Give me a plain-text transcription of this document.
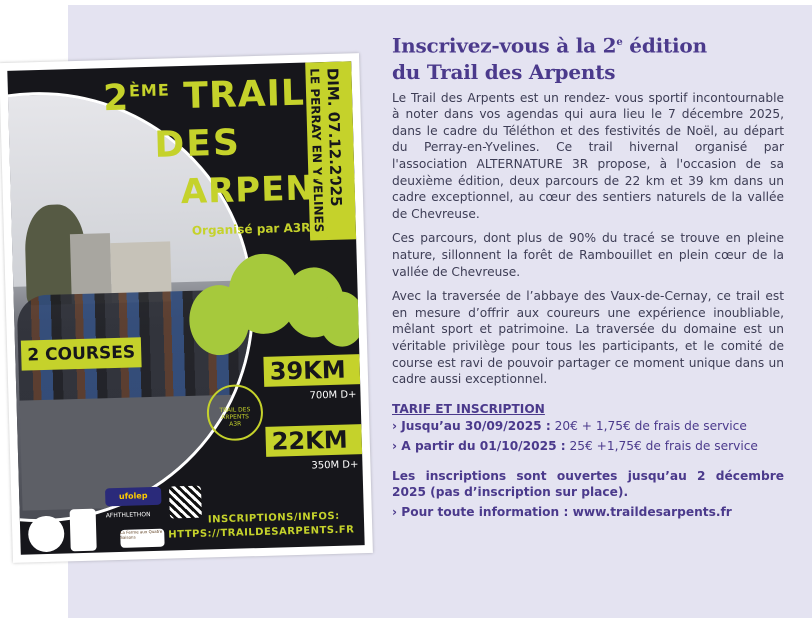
DIM. 07.12.2025
LE PERRAY EN YVELINES
2ÈME TRAIL
DES
ARPENTS
Organisé par A3R
TRAIL DES ARPENTS
A3R
2 COURSES
39KM
700M D+
22KM
350M D+
ufolep
AFHTHLETHON
La Ferme aux Quatre Saisons
INSCRIPTIONS/INFOS:
HTTPS://TRAILDESARPENTS.FR
Inscrivez-vous à la 2e édition
du Trail des Arpents

Le Trail des Arpents est un rendez- vous sportif incontournable à noter dans vos agendas qui aura lieu le 7 décembre 2025, dans le cadre du Téléthon et des festivités de Noël, au départ du Perray-en-Yvelines. Ce trail hivernal organisé par l'association ALTERNATURE 3R propose, à l'occasion de sa deuxième édition, deux parcours de 22 km et 39 km dans un cadre exceptionnel, au cœur des sentiers naturels de la vallée de Chevreuse.

Ces parcours, dont plus de 90% du tracé se trouve en pleine nature, sillonnent la forêt de Rambouillet en plein cœur de la vallée de Chevreuse.

Avec la traversée de l’abbaye des Vaux-de-Cernay, ce trail est en mesure d’offrir aux coureurs une expérience inoubliable, mêlant sport et patrimoine. La traversée du domaine est un véritable privilège pour tous les participants, et le comité de course est ravi de pouvoir partager ce moment unique dans un cadre aussi exceptionnel.

TARIF ET INSCRIPTION
› Jusqu’au 30/09/2025 : 20€ + 1,75€ de frais de service
› A partir du 01/10/2025 : 25€ +1,75€ de frais de service

Les inscriptions sont ouvertes jusqu’au 2 décembre 2025 (pas d’inscription sur place).

› Pour toute information : www.traildesarpents.fr
